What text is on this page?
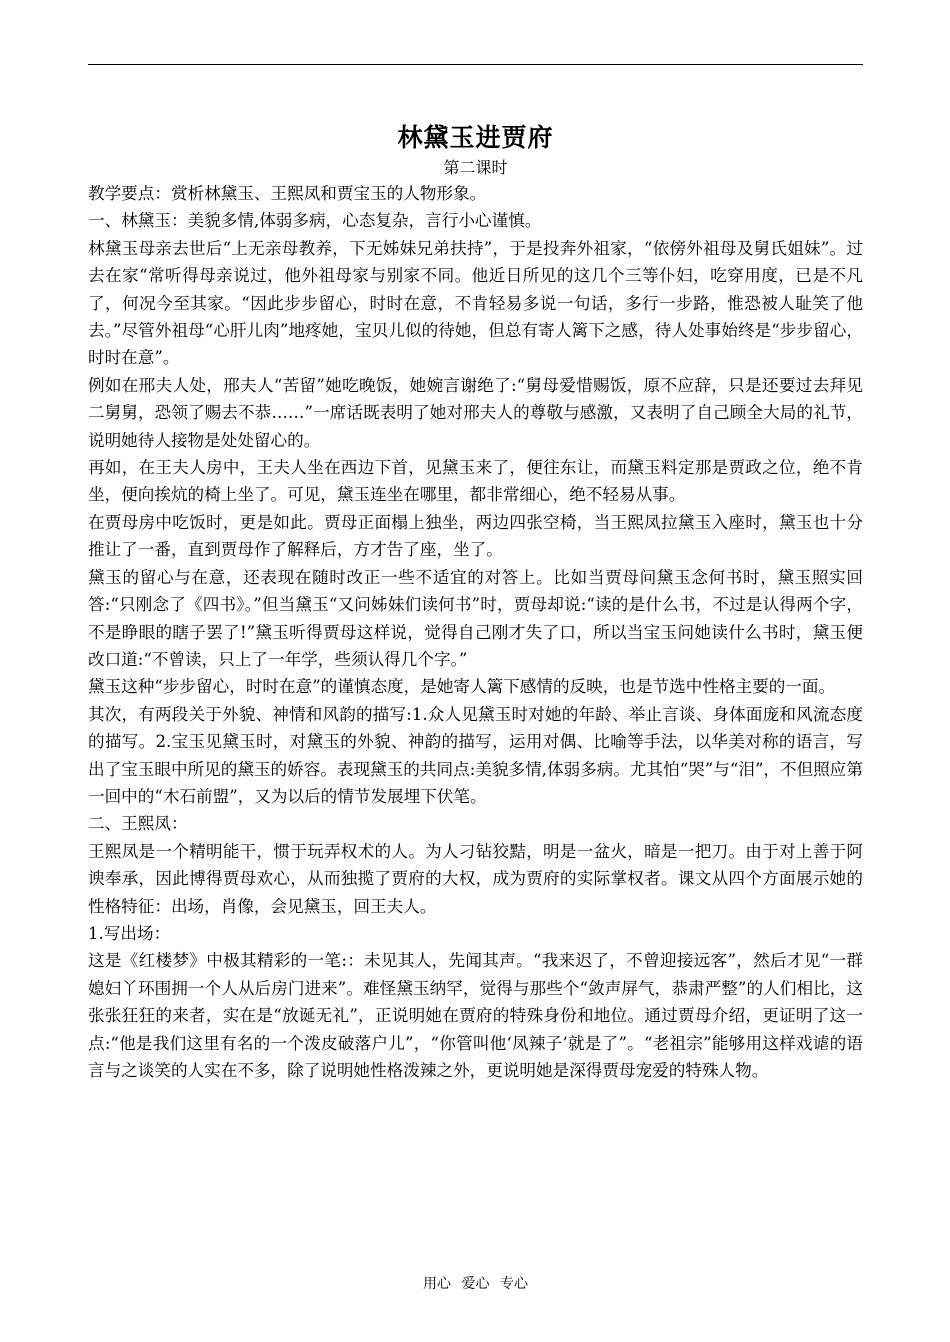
林黛玉进贾府
第二课时

教学要点：赏析林黛玉、王熙凤和贾宝玉的人物形象。

一、林黛玉：美貌多情,体弱多病，心态复杂，言行小心谨慎。

林黛玉母亲去世后“上无亲母教养，下无姊妹兄弟扶持”，于是投奔外祖家，“依傍外祖母及舅氏姐妹”。过去在家“常听得母亲说过，他外祖母家与别家不同。他近日所见的这几个三等仆妇，吃穿用度，已是不凡了，何况今至其家。“因此步步留心，时时在意，不肯轻易多说一句话，多行一步路，惟恐被人耻笑了他去。”尽管外祖母“心肝儿肉”地疼她，宝贝儿似的待她，但总有寄人篱下之感，待人处事始终是“步步留心，时时在意”。

例如在邢夫人处，邢夫人“苦留”她吃晚饭，她婉言谢绝了:“舅母爱惜赐饭，原不应辞，只是还要过去拜见二舅舅，恐领了赐去不恭……”一席话既表明了她对邢夫人的尊敬与感激，又表明了自己顾全大局的礼节，说明她待人接物是处处留心的。

再如，在王夫人房中，王夫人坐在西边下首，见黛玉来了，便往东让，而黛玉料定那是贾政之位，绝不肯坐，便向挨炕的椅上坐了。可见，黛玉连坐在哪里，都非常细心，绝不轻易从事。

在贾母房中吃饭时，更是如此。贾母正面榻上独坐，两边四张空椅，当王熙凤拉黛玉入座时，黛玉也十分推让了一番，直到贾母作了解释后，方才告了座，坐了。

黛玉的留心与在意，还表现在随时改正一些不适宜的对答上。比如当贾母问黛玉念何书时，黛玉照实回答:“只刚念了《四书》。”但当黛玉“又问姊妹们读何书”时，贾母却说:“读的是什么书，不过是认得两个字，不是睁眼的瞎子罢了!”黛玉听得贾母这样说，觉得自己刚才失了口，所以当宝玉问她读什么书时，黛玉便改口道:“不曾读，只上了一年学，些须认得几个字。”

黛玉这种“步步留心，时时在意”的谨慎态度，是她寄人篱下感情的反映，也是节选中性格主要的一面。

其次，有两段关于外貌、神情和风韵的描写:1.众人见黛玉时对她的年龄、举止言谈、身体面庞和风流态度的描写。2.宝玉见黛玉时，对黛玉的外貌、神韵的描写，运用对偶、比喻等手法，以华美对称的语言，写出了宝玉眼中所见的黛玉的娇容。表现黛玉的共同点:美貌多情,体弱多病。尤其怕“哭”与“泪”，不但照应第一回中的“木石前盟”，又为以后的情节发展埋下伏笔。

二、王熙凤：

王熙凤是一个精明能干，惯于玩弄权术的人。为人刁钻狡黠，明是一盆火，暗是一把刀。由于对上善于阿谀奉承，因此博得贾母欢心，从而独揽了贾府的大权，成为贾府的实际掌权者。课文从四个方面展示她的性格特征：出场，肖像，会见黛玉，回王夫人。

1.写出场：

这是《红楼梦》中极其精彩的一笔:：未见其人，先闻其声。“我来迟了，不曾迎接远客”，然后才见“一群媳妇丫环围拥一个人从后房门进来”。难怪黛玉纳罕，觉得与那些个“敛声屏气，恭肃严整”的人们相比，这张张狂狂的来者，实在是“放诞无礼”，正说明她在贾府的特殊身份和地位。通过贾母介绍，更证明了这一点:“他是我们这里有名的一个泼皮破落户儿”，“你管叫他‘凤辣子’就是了”。“老祖宗”能够用这样戏谑的语言与之谈笑的人实在不多，除了说明她性格泼辣之外，更说明她是深得贾母宠爱的特殊人物。

用心 爱心 专心
